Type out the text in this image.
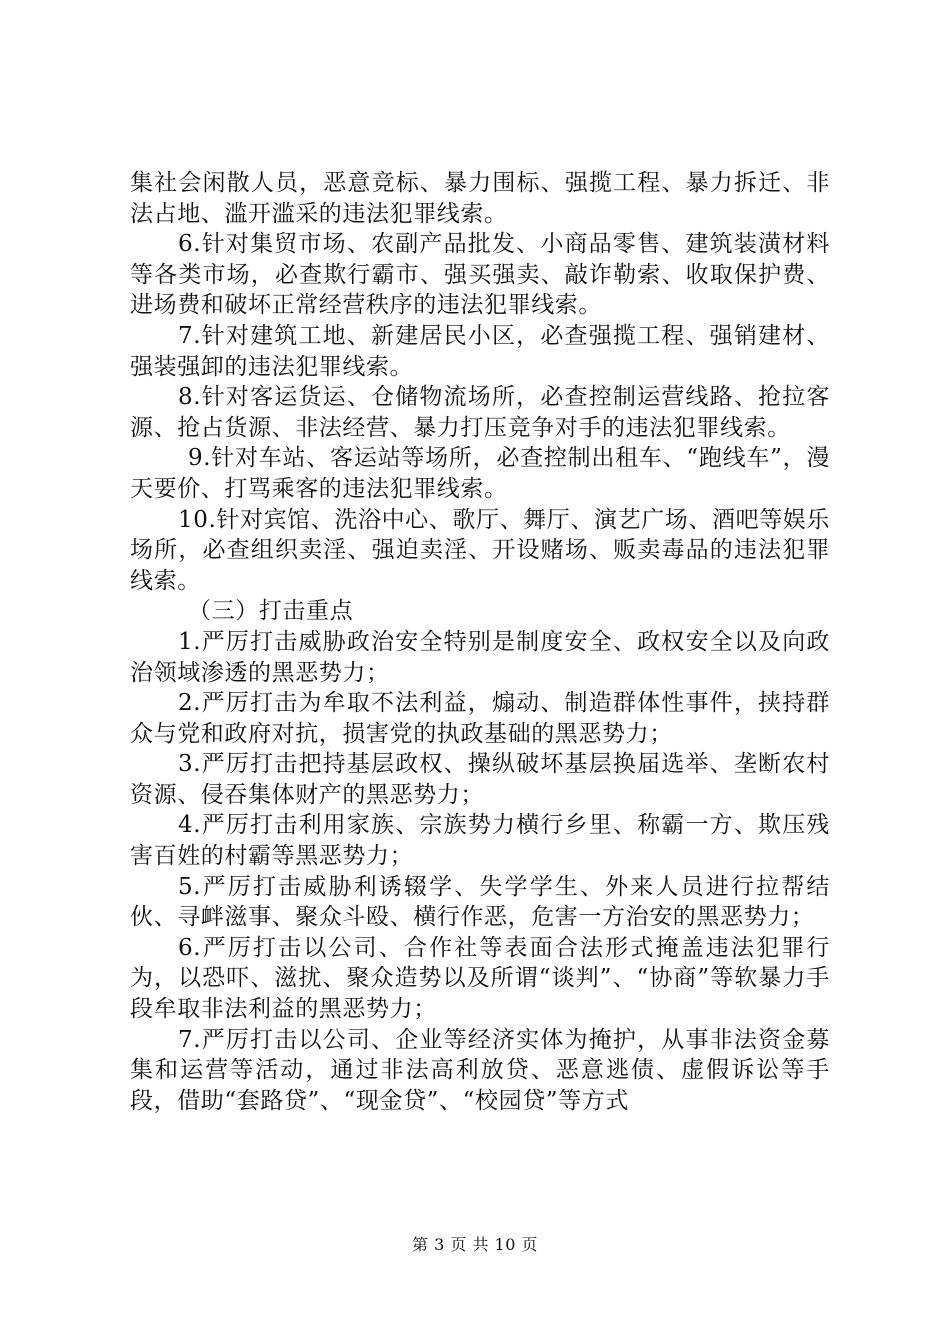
集社会闲散人员，恶意竞标、暴力围标、强揽工程、暴力拆迁、非法占地、滥开滥采的违法犯罪线索。

6.针对集贸市场、农副产品批发、小商品零售、建筑装潢材料等各类市场，必查欺行霸市、强买强卖、敲诈勒索、收取保护费、进场费和破坏正常经营秩序的违法犯罪线索。

7.针对建筑工地、新建居民小区，必查强揽工程、强销建材、强装强卸的违法犯罪线索。

8.针对客运货运、仓储物流场所，必查控制运营线路、抢拉客源、抢占货源、非法经营、暴力打压竞争对手的违法犯罪线索。

9.针对车站、客运站等场所，必查控制出租车、“跑线车”，漫天要价、打骂乘客的违法犯罪线索。

10.针对宾馆、洗浴中心、歌厅、舞厅、演艺广场、酒吧等娱乐场所，必查组织卖淫、强迫卖淫、开设赌场、贩卖毒品的违法犯罪线索。

（三）打击重点

1.严厉打击威胁政治安全特别是制度安全、政权安全以及向政治领域渗透的黑恶势力；

2.严厉打击为牟取不法利益，煽动、制造群体性事件，挟持群众与党和政府对抗，损害党的执政基础的黑恶势力；

3.严厉打击把持基层政权、操纵破坏基层换届选举、垄断农村资源、侵吞集体财产的黑恶势力；

4.严厉打击利用家族、宗族势力横行乡里、称霸一方、欺压残害百姓的村霸等黑恶势力；

5.严厉打击威胁利诱辍学、失学学生、外来人员进行拉帮结伙、寻衅滋事、聚众斗殴、横行作恶，危害一方治安的黑恶势力；

6.严厉打击以公司、合作社等表面合法形式掩盖违法犯罪行为，以恐吓、滋扰、聚众造势以及所谓“谈判”、“协商”等软暴力手段牟取非法利益的黑恶势力；

7.严厉打击以公司、企业等经济实体为掩护，从事非法资金募集和运营等活动，通过非法高利放贷、恶意逃债、虚假诉讼等手段，借助“套路贷”、“现金贷”、“校园贷”等方式

第 3 页 共 10 页
